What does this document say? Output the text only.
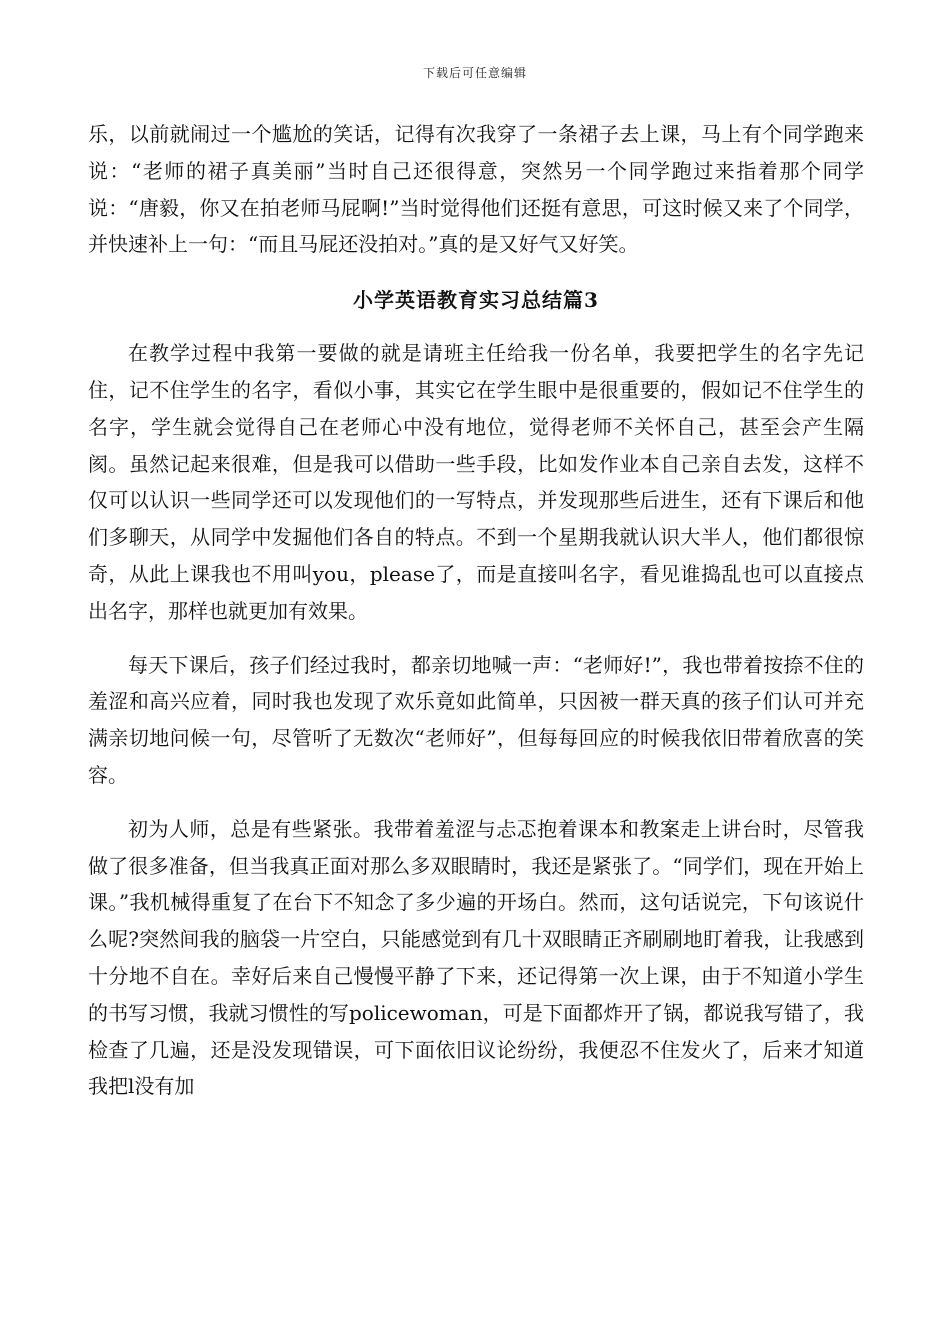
下载后可任意编辑

乐，以前就闹过一个尴尬的笑话，记得有次我穿了一条裙子去上课，马上有个同学跑来说：“老师的裙子真美丽”当时自己还很得意，突然另一个同学跑过来指着那个同学说：“唐毅，你又在拍老师马屁啊!”当时觉得他们还挺有意思，可这时候又来了个同学，并快速补上一句：“而且马屁还没拍对。”真的是又好气又好笑。

小学英语教育实习总结篇3

在教学过程中我第一要做的就是请班主任给我一份名单，我要把学生的名字先记住，记不住学生的名字，看似小事，其实它在学生眼中是很重要的，假如记不住学生的名字，学生就会觉得自己在老师心中没有地位，觉得老师不关怀自己，甚至会产生隔阂。虽然记起来很难，但是我可以借助一些手段，比如发作业本自己亲自去发，这样不仅可以认识一些同学还可以发现他们的一写特点，并发现那些后进生，还有下课后和他们多聊天，从同学中发掘他们各自的特点。不到一个星期我就认识大半人，他们都很惊奇，从此上课我也不用叫you，please了，而是直接叫名字，看见谁捣乱也可以直接点出名字，那样也就更加有效果。

每天下课后，孩子们经过我时，都亲切地喊一声：“老师好!”，我也带着按捺不住的羞涩和高兴应着，同时我也发现了欢乐竟如此简单，只因被一群天真的孩子们认可并充满亲切地问候一句，尽管听了无数次“老师好”，但每每回应的时候我依旧带着欣喜的笑容。

初为人师，总是有些紧张。我带着羞涩与忐忑抱着课本和教案走上讲台时，尽管我做了很多准备，但当我真正面对那么多双眼睛时，我还是紧张了。“同学们，现在开始上课。”我机械得重复了在台下不知念了多少遍的开场白。然而，这句话说完，下句该说什么呢?突然间我的脑袋一片空白，只能感觉到有几十双眼睛正齐刷刷地盯着我，让我感到十分地不自在。幸好后来自己慢慢平静了下来，还记得第一次上课，由于不知道小学生的书写习惯，我就习惯性的写policewoman，可是下面都炸开了锅，都说我写错了，我检查了几遍，还是没发现错误，可下面依旧议论纷纷，我便忍不住发火了，后来才知道我把l没有加
